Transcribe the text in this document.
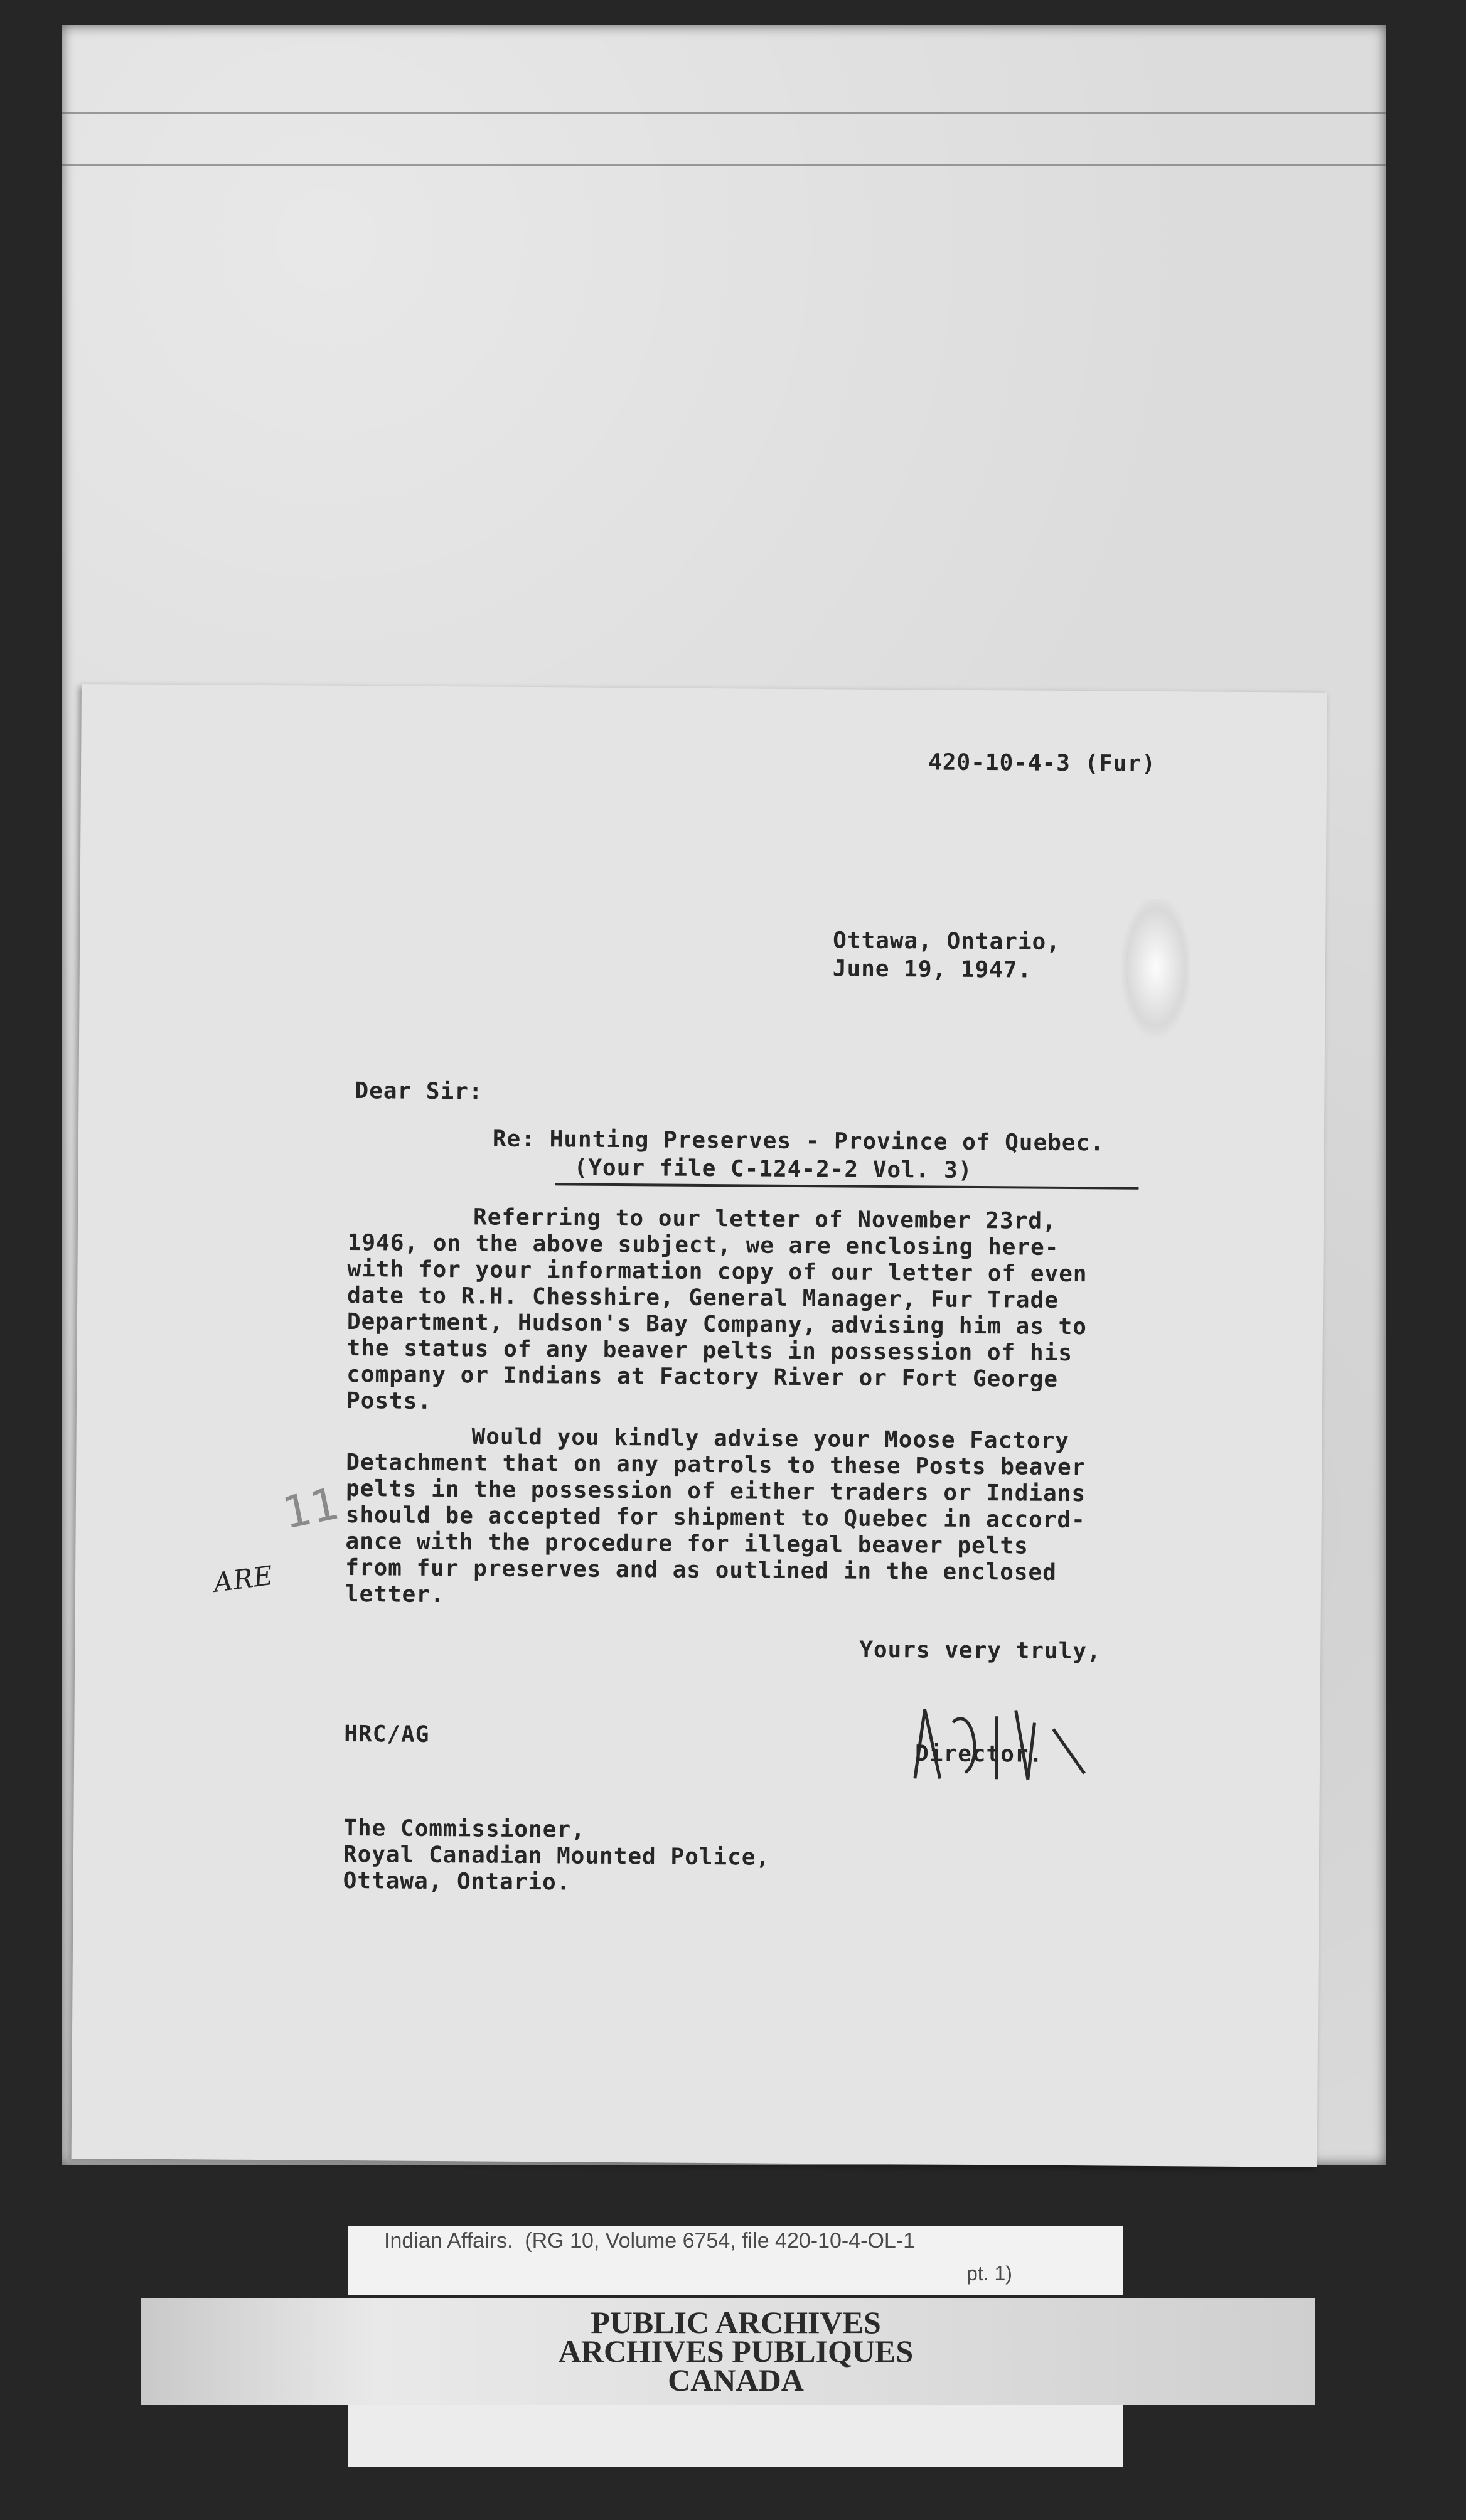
11
420-10-4-3 (Fur)
Ottawa, Ontario,
June 19, 1947.
Dear Sir:
Re: Hunting Preserves - Province of Quebec.
(Your file C-124-2-2 Vol. 3)
Referring to our letter of November 23rd,
1946, on the above subject, we are enclosing here-
with for your information copy of our letter of even
date to R.H. Chesshire, General Manager, Fur Trade
Department, Hudson's Bay Company, advising him as to
the status of any beaver pelts in possession of his
company or Indians at Factory River or Fort George
Posts.
Would you kindly advise your Moose Factory
Detachment that on any patrols to these Posts beaver
pelts in the possession of either traders or Indians
should be accepted for shipment to Quebec in accord-
ance with the procedure for illegal beaver pelts
from fur preserves and as outlined in the enclosed
letter.
ARE
Yours very truly,
Director.
HRC/AG
The Commissioner,
Royal Canadian Mounted Police,
Ottawa, Ontario.
Indian Affairs.  (RG 10, Volume 6754, file 420-10-4-OL-1
pt. 1)
PUBLIC ARCHIVES
ARCHIVES PUBLIQUES
CANADA
